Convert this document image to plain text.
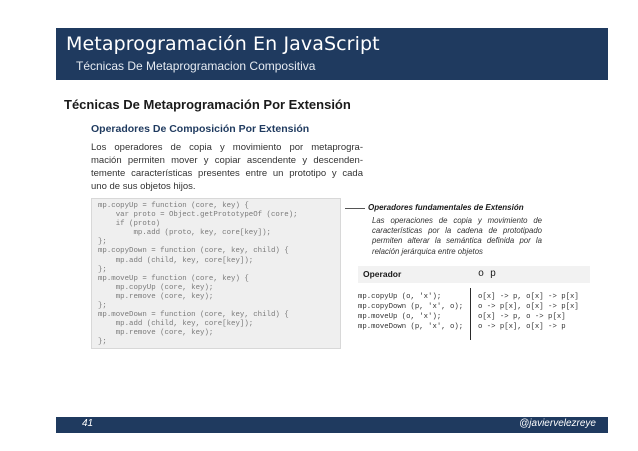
Metaprogramación En JavaScript
Técnicas De Metaprogramacion Compositiva
Técnicas De Metaprogramación Por Extensión
Operadores De Composición Por Extensión
Los operadores de copia y movimiento por metaprogra-
mación permiten mover y copiar ascendente y descenden-
temente características presentes entre un prototipo y cada
uno de sus objetos hijos.
mp.copyUp = function (core, key) {
var proto = Object.getPrototypeOf (core);
if (proto)
mp.add (proto, key, core[key]);
};
mp.copyDown = function (core, key, child) {
mp.add (child, key, core[key]);
};
mp.moveUp = function (core, key) {
mp.copyUp (core, key);
mp.remove (core, key);
};
mp.moveDown = function (core, key, child) {
mp.add (child, key, core[key]);
mp.remove (core, key);
};
Operadores fundamentales de Extensión
Las operaciones de copia y movimiento de
características por la cadena de prototipado
permiten alterar la semántica definida por la
relación jerárquica entre objetos
Operador	o p
mp.copyUp (o, 'x');	o[x] -> p, o[x] -> p[x]
mp.copyDown (p, 'x', o); o -> p[x], o[x] -> p[x]
mp.moveUp (o, 'x');	o[x] -> p, o -> p[x]
mp.moveDown (p, 'x', o); o -> p[x], o[x] -> p
41	@javiervelezreye
